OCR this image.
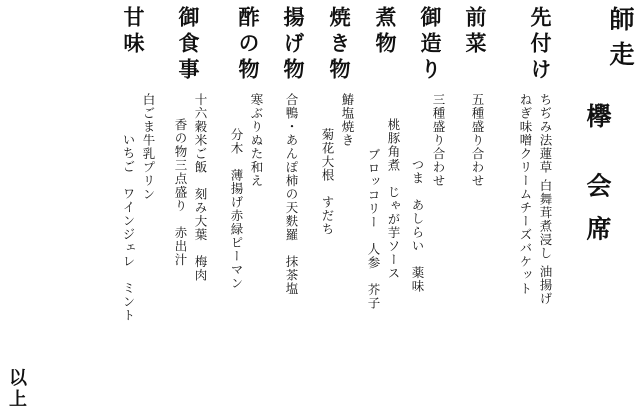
師走
欅 会席
先付け
前菜
御造り
煮物
焼き物
揚げ物
酢の物
御食事
甘味
ちぢみ法蓮草 白舞茸煮浸し 油揚げ
ねぎ味噌クリームチーズバケット
五種盛り合わせ
三種盛り合わせ
つま　あしらい　薬味
桃豚角煮　じゃが芋ソース
ブロッコリー　人参　芥子
鰆塩焼き
菊花大根　すだち
合鴨・あんぽ柿の天麩羅　抹茶塩
寒ぶりぬた和え
分木　薄揚げ赤緑ピーマン
十六穀米ご飯　刻み大葉　梅肉
香の物三点盛り　赤出汁
白ごま牛乳プリン
いちご　ワインジェレ　ミント
以上
